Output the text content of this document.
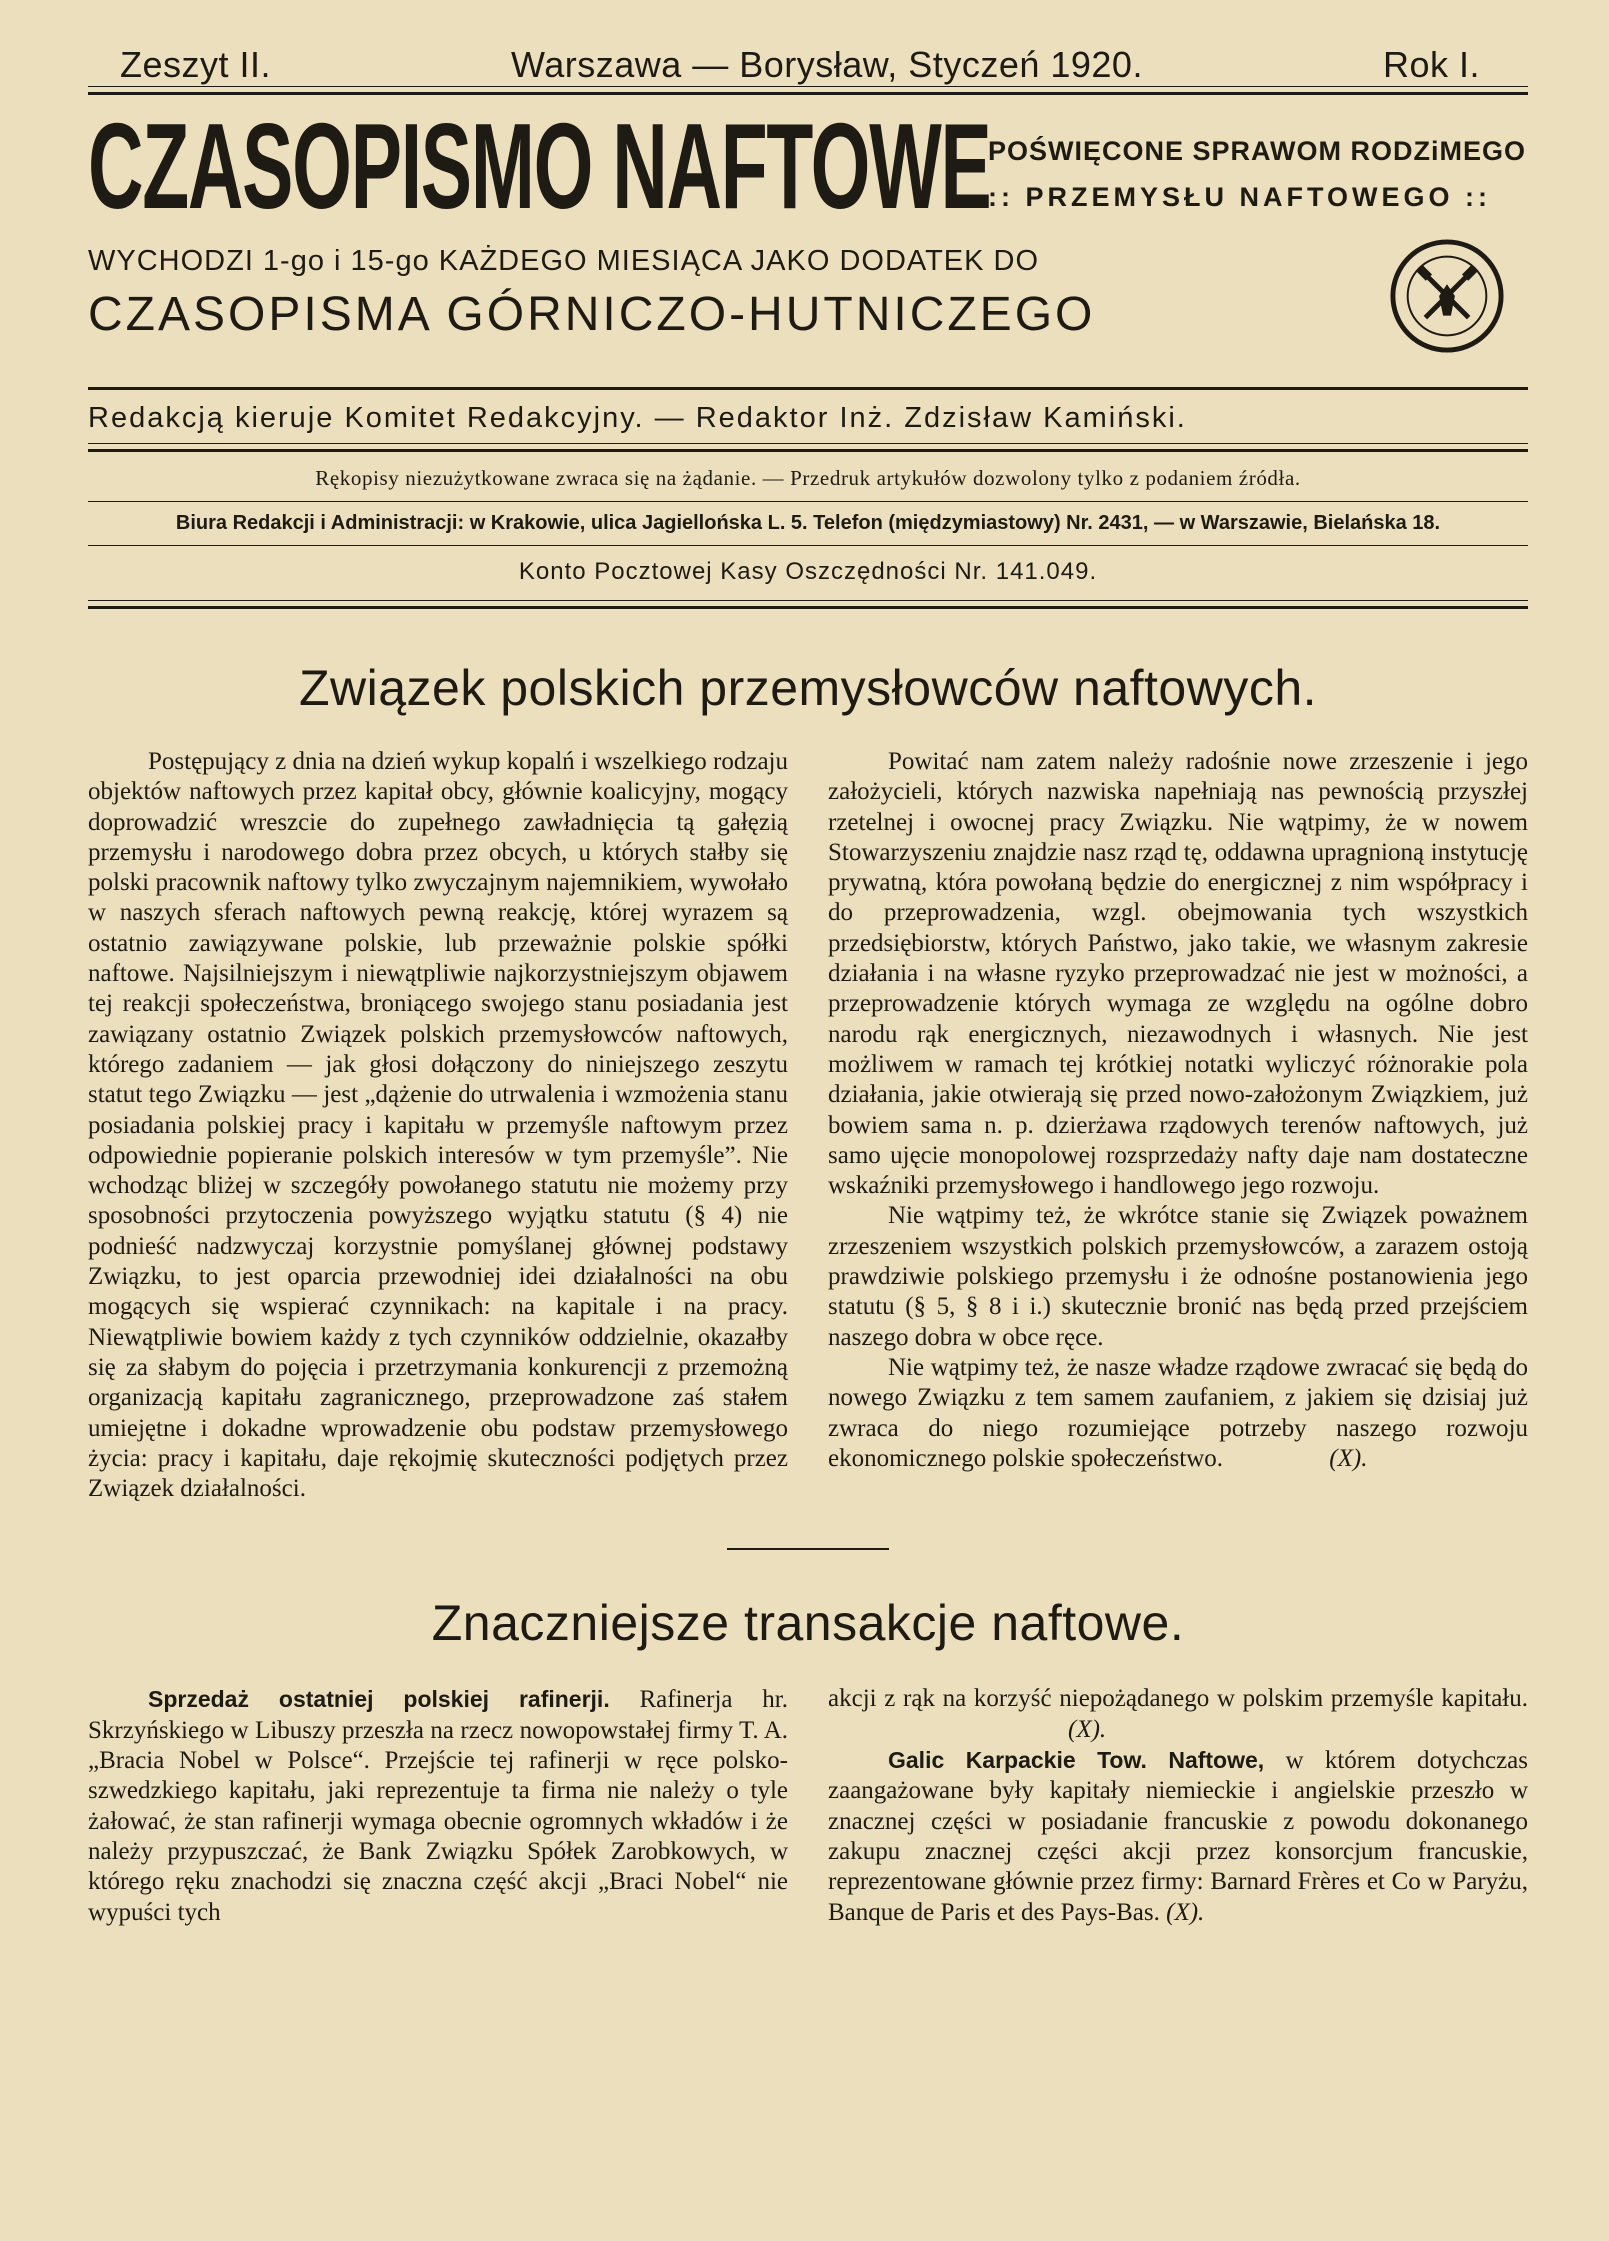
Zeszyt II.	Warszawa — Borysław, Styczeń 1920.	Rok I.
CZASOPISMO NAFTOWE
POŚWIĘCONE SPRAWOM RODZiMEGO
:: PRZEMYSŁU NAFTOWEGO ::
WYCHODZI 1-go i 15-go KAŻDEGO MIESIĄCA JAKO DODATEK DO
CZASOPISMA GÓRNICZO-HUTNICZEGO
Redakcją kieruje Komitet Redakcyjny. — Redaktor Inż. Zdzisław Kamiński.
Rękopisy niezużytkowane zwraca się na żądanie. — Przedruk artykułów dozwolony tylko z podaniem źródła.
Biura Redakcji i Administracji: w Krakowie, ulica Jagiellońska L. 5. Telefon (międzymiastowy) Nr. 2431, — w Warszawie, Bielańska 18.
Konto Pocztowej Kasy Oszczędności Nr. 141.049.
Związek polskich przemysłowców naftowych.

Postępujący z dnia na dzień wykup kopalń i wszelkiego rodzaju objektów naftowych przez kapitał obcy, głównie koalicyjny, mogący doprowadzić wreszcie do zupełnego zawładnięcia tą gałęzią przemysłu i narodowego dobra przez obcych, u których stałby się polski pracownik naftowy tylko zwyczajnym najemnikiem, wywołało w naszych sferach naftowych pewną reakcję, której wyrazem są ostatnio zawiązywane polskie, lub przeważnie polskie spółki naftowe. Najsilniejszym i niewątpliwie najkorzystniejszym objawem tej reakcji społeczeństwa, broniącego swojego stanu posiadania jest zawiązany ostatnio Związek polskich przemysłowców naftowych, którego zadaniem — jak głosi dołączony do niniejszego zeszytu statut tego Związku — jest „dążenie do utrwalenia i wzmożenia stanu posiadania polskiej pracy i kapitału w przemyśle naftowym przez odpowiednie popieranie polskich interesów w tym przemyśle”. Nie wchodząc bliżej w szczegóły powołanego statutu nie możemy przy sposobności przytoczenia powyższego wyjątku statutu (§ 4) nie podnieść nadzwyczaj korzystnie pomyślanej głównej podstawy Związku, to jest oparcia przewodniej idei działalności na obu mogących się wspierać czynnikach: na kapitale i na pracy. Niewątpliwie bowiem każdy z tych czynników oddzielnie, okazałby się za słabym do pojęcia i przetrzymania konkurencji z przemożną organizacją kapitału zagranicznego, przeprowadzone zaś stałem umiejętne i dokadne wprowadzenie obu podstaw przemysłowego życia: pracy i kapitału, daje rękojmię skuteczności podjętych przez Związek działalności.

Powitać nam zatem należy radośnie nowe zrzeszenie i jego założycieli, których nazwiska napełniają nas pewnością przyszłej rzetelnej i owocnej pracy Związku. Nie wątpimy, że w nowem Stowarzyszeniu znajdzie nasz rząd tę, oddawna upragnioną instytucję prywatną, która powołaną będzie do energicznej z nim współpracy i do przeprowadzenia, wzgl. obejmowania tych wszystkich przedsiębiorstw, których Państwo, jako takie, we własnym zakresie działania i na własne ryzyko przeprowadzać nie jest w możności, a przeprowadzenie których wymaga ze względu na ogólne dobro narodu rąk energicznych, niezawodnych i własnych. Nie jest możliwem w ramach tej krótkiej notatki wyliczyć różnorakie pola działania, jakie otwierają się przed nowo-założonym Związkiem, już bowiem sama n. p. dzierżawa rządowych terenów naftowych, już samo ujęcie monopolowej rozsprzedaży nafty daje nam dostateczne wskaźniki przemysłowego i handlowego jego rozwoju.

Nie wątpimy też, że wkrótce stanie się Związek poważnem zrzeszeniem wszystkich polskich przemysłowców, a zarazem ostoją prawdziwie polskiego przemysłu i że odnośne postanowienia jego statutu (§ 5, § 8 i i.) skutecznie bronić nas będą przed przejściem naszego dobra w obce ręce.

Nie wątpimy też, że nasze władze rządowe zwracać się będą do nowego Związku z tem samem zaufaniem, z jakiem się dzisiaj już zwraca do niego rozumiejące potrzeby naszego rozwoju ekonomicznego polskie społeczeństwo.	(X).

Znaczniejsze transakcje naftowe.

Sprzedaż ostatniej polskiej rafinerji. Rafinerja hr. Skrzyńskiego w Libuszy przeszła na rzecz nowopowstałej firmy T. A. „Bracia Nobel w Polsce“. Przejście tej rafinerji w ręce polsko-szwedzkiego kapitału, jaki reprezentuje ta firma nie należy o tyle żałować, że stan rafinerji wymaga obecnie ogromnych wkładów i że należy przypuszczać, że Bank Związku Spółek Zarobkowych, w którego ręku znachodzi się znaczna część akcji „Braci Nobel“ nie wypuści tych

akcji z rąk na korzyść niepożądanego w polskim przemyśle kapitału. (X).

Galic Karpackie Tow. Naftowe, w którem dotychczas zaangażowane były kapitały niemieckie i angielskie przeszło w znacznej części w posiadanie francuskie z powodu dokonanego zakupu znacznej części akcji przez konsorcjum francuskie, reprezentowane głównie przez firmy: Barnard Frères et Co w Paryżu, Banque de Paris et des Pays-Bas. (X).
